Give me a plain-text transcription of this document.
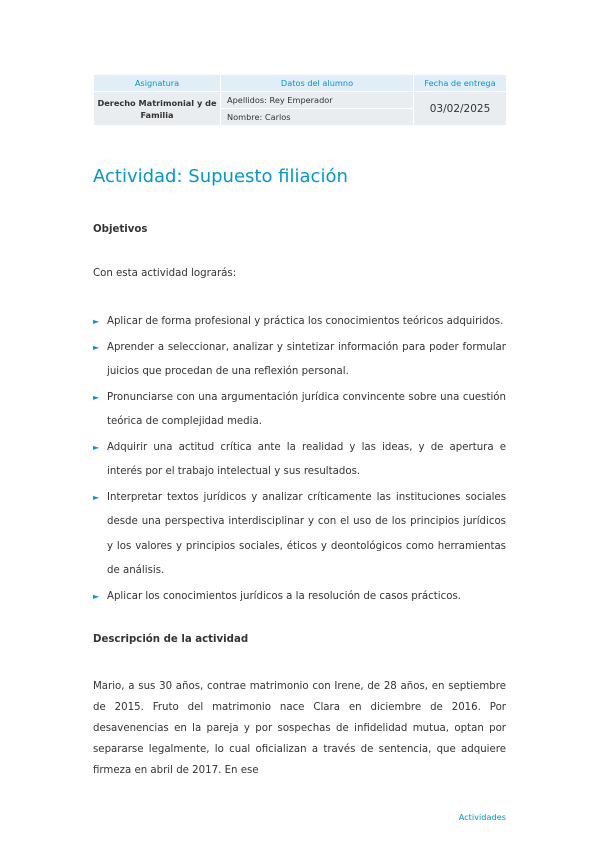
Asignatura	Datos del alumno	Fecha de entrega
Derecho Matrimonial y de Familia	Apellidos: Rey Emperador	03/02/2025
	Nombre: Carlos	
Actividad: Supuesto filiación
Objetivos
Con esta actividad lograrás:
► Aplicar de forma profesional y práctica los conocimientos teóricos adquiridos.
► Aprender a seleccionar, analizar y sintetizar información para poder formular juicios que procedan de una reflexión personal.
► Pronunciarse con una argumentación jurídica convincente sobre una cuestión teórica de complejidad media.
► Adquirir una actitud crítica ante la realidad y las ideas, y de apertura e interés por el trabajo intelectual y sus resultados.
► Interpretar textos jurídicos y analizar críticamente las instituciones sociales desde una perspectiva interdisciplinar y con el uso de los principios jurídicos y los valores y principios sociales, éticos y deontológicos como herramientas de análisis.
► Aplicar los conocimientos jurídicos a la resolución de casos prácticos.
Descripción de la actividad

Mario, a sus 30 años, contrae matrimonio con Irene, de 28 años, en septiembre de 2015. Fruto del matrimonio nace Clara en diciembre de 2016. Por desavenencias en la pareja y por sospechas de infidelidad mutua, optan por separarse legalmente, lo cual oficializan a través de sentencia, que adquiere firmeza en abril de 2017. En ese

Actividades
